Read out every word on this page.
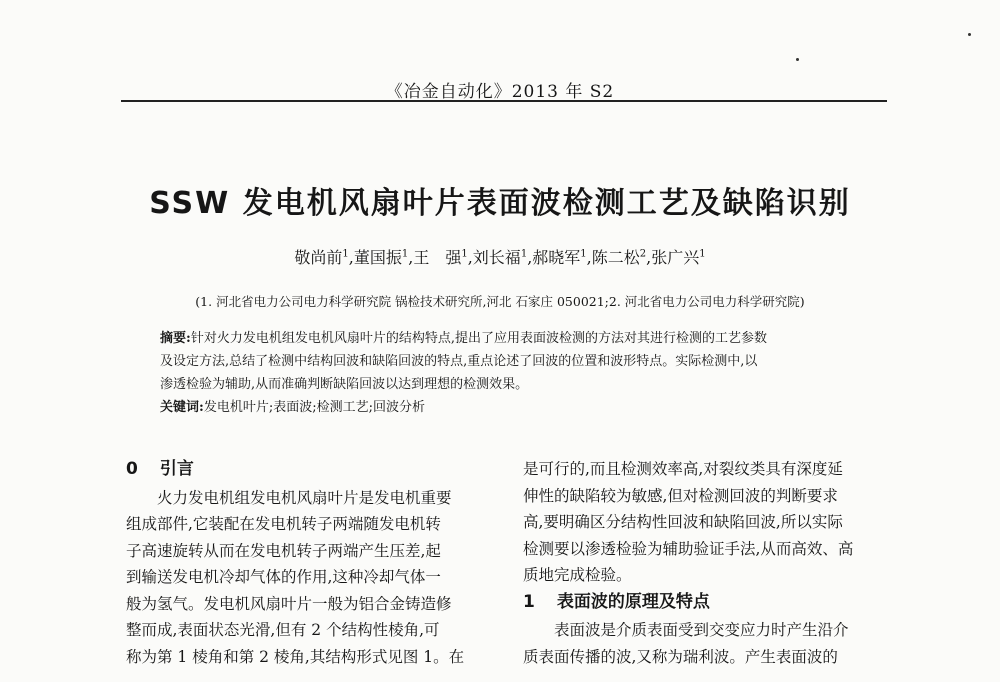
《冶金自动化》2013 年 S2
SSW 发电机风扇叶片表面波检测工艺及缺陷识别
敬尚前$^1$,董国振$^1$,王　强$^1$,刘长福$^1$,郝晓军$^1$,陈二松$^2$,张广兴$^1$
(1. 河北省电力公司电力科学研究院 锅检技术研究所,河北 石家庄 050021;2. 河北省电力公司电力科学研究院)

摘要:针对火力发电机组发电机风扇叶片的结构特点,提出了应用表面波检测的方法对其进行检测的工艺参数

及设定方法,总结了检测中结构回波和缺陷回波的特点,重点论述了回波的位置和波形特点。实际检测中,以

渗透检验为辅助,从而准确判断缺陷回波以达到理想的检测效果。

关键词:发电机叶片;表面波;检测工艺;回波分析

0 引言

火力发电机组发电机风扇叶片是发电机重要

组成部件,它装配在发电机转子两端随发电机转

子高速旋转从而在发电机转子两端产生压差,起

到输送发电机冷却气体的作用,这种冷却气体一

般为氢气。发电机风扇叶片一般为铝合金铸造修

整而成,表面状态光滑,但有 2 个结构性棱角,可

称为第 1 棱角和第 2 棱角,其结构形式见图 1。在

是可行的,而且检测效率高,对裂纹类具有深度延

伸性的缺陷较为敏感,但对检测回波的判断要求

高,要明确区分结构性回波和缺陷回波,所以实际

检测要以渗透检验为辅助验证手法,从而高效、高

质地完成检验。

1 表面波的原理及特点

表面波是介质表面受到交变应力时产生沿介

质表面传播的波,又称为瑞利波。产生表面波的
